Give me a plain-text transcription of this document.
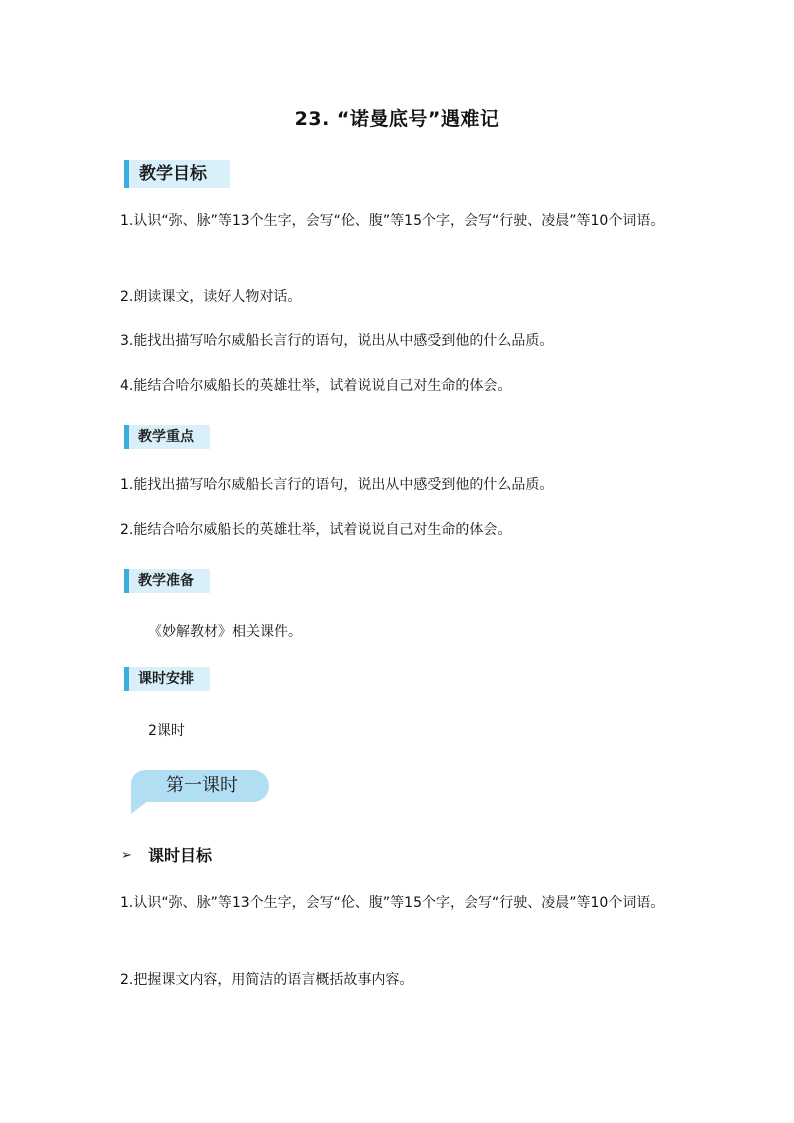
23. “诺曼底号”遇难记
教学目标
1.认识“弥、脉”等13个生字，会写“伦、腹”等15个字，会写“行驶、凌晨”等10个词语。
2.朗读课文，读好人物对话。
3.能找出描写哈尔威船长言行的语句，说出从中感受到他的什么品质。
4.能结合哈尔威船长的英雄壮举，试着说说自己对生命的体会。
教学重点
1.能找出描写哈尔威船长言行的语句，说出从中感受到他的什么品质。
2.能结合哈尔威船长的英雄壮举，试着说说自己对生命的体会。
教学准备
《妙解教材》相关课件。
课时安排
2课时
第一课时
➢ 课时目标
1.认识“弥、脉”等13个生字，会写“伦、腹”等15个字，会写“行驶、凌晨”等10个词语。
2.把握课文内容，用简洁的语言概括故事内容。
